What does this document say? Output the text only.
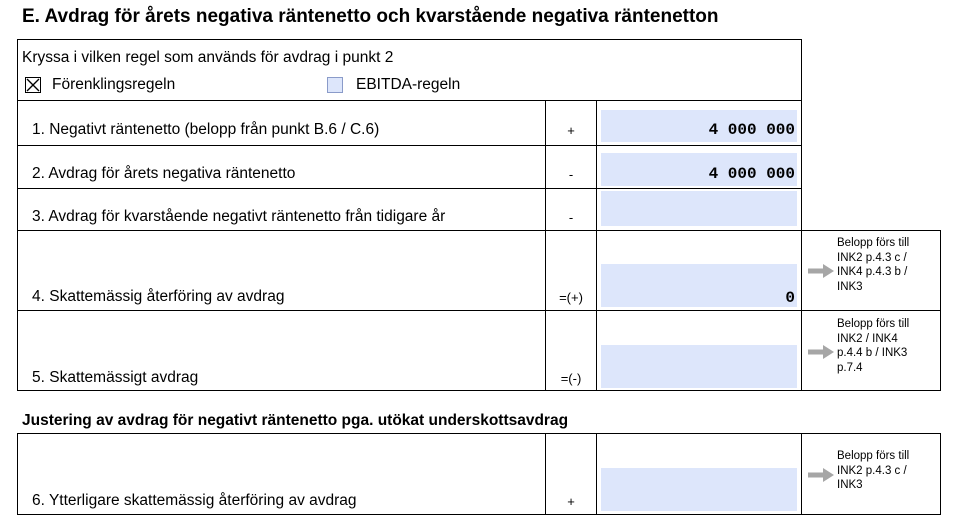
E. Avdrag för årets negativa räntenetto och kvarstående negativa räntenetton
Kryssa i vilken regel som används för avdrag i punkt 2
Förenklingsregeln	EBITDA-regeln
1. Negativt räntenetto (belopp från punkt B.6 / C.6)	+	4 000 000
2. Avdrag för årets negativa räntenetto	-	4 000 000
3. Avdrag för kvarstående negativt räntenetto från tidigare år	-
4. Skattemässig återföring av avdrag	=(+)	0
Belopp förs till
INK2 p.4.3 c /
INK4 p.4.3 b /
INK3
5. Skattemässigt avdrag	=(-)
Belopp förs till
INK2 / INK4
p.4.4 b / INK3
p.7.4
Justering av avdrag för negativt räntenetto pga. utökat underskottsavdrag
6. Ytterligare skattemässig återföring av avdrag	+
Belopp förs till
INK2 p.4.3 c /
INK3
